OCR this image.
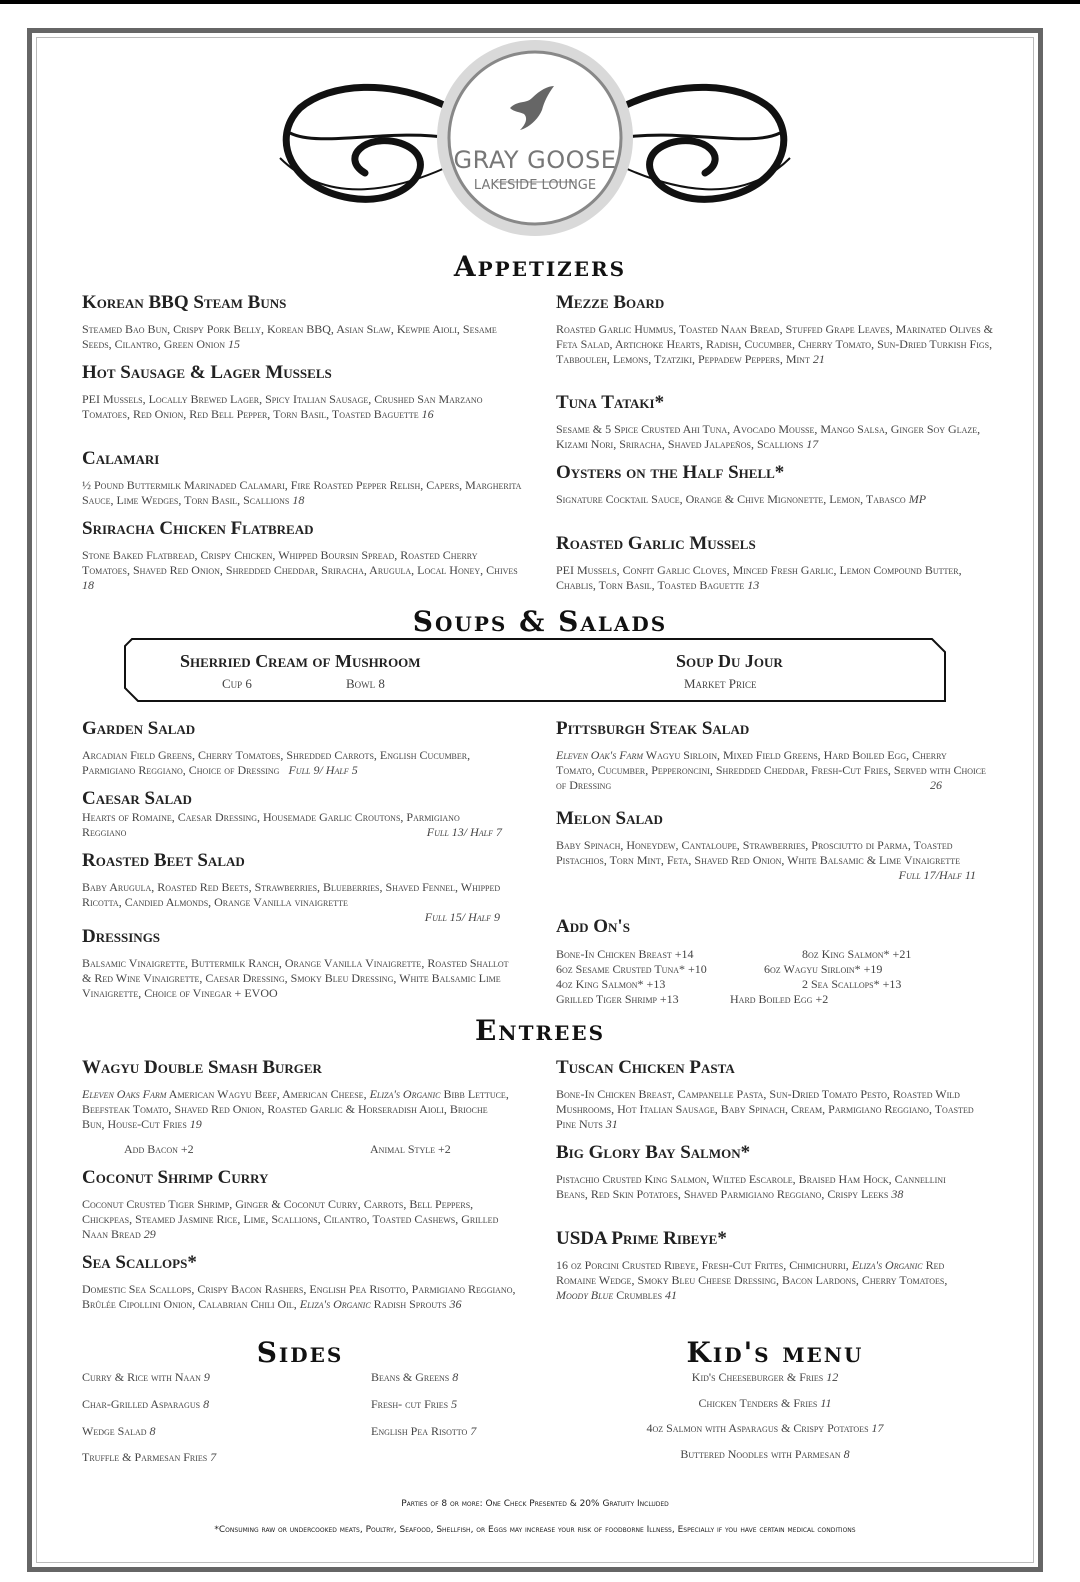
GRAY GOOSE
LAKESIDE LOUNGE
Appetizers
Korean BBQ Steam Buns
Steamed Bao Bun, Crispy Pork Belly, Korean BBQ, Asian Slaw, Kewpie Aioli, Sesame Seeds, Cilantro, Green Onion 15
Hot Sausage & Lager Mussels
PEI Mussels, Locally Brewed Lager, Spicy Italian Sausage, Crushed San Marzano Tomatoes, Red Onion, Red Bell Pepper, Torn Basil, Toasted Baguette 16
Calamari
½ Pound Buttermilk Marinaded Calamari, Fire Roasted Pepper Relish, Capers, Margherita Sauce, Lime Wedges, Torn Basil, Scallions 18
Sriracha Chicken Flatbread
Stone Baked Flatbread, Crispy Chicken, Whipped Boursin Spread, Roasted Cherry Tomatoes, Shaved Red Onion, Shredded Cheddar, Sriracha, Arugula, Local Honey, Chives 18
Mezze Board
Roasted Garlic Hummus, Toasted Naan Bread, Stuffed Grape Leaves, Marinated Olives & Feta Salad, Artichoke Hearts, Radish, Cucumber, Cherry Tomato, Sun-Dried Turkish Figs, Tabbouleh, Lemons, Tzatziki, Peppadew Peppers, Mint 21
Tuna Tataki*
Sesame & 5 Spice Crusted Ahi Tuna, Avocado Mousse, Mango Salsa, Ginger Soy Glaze, Kizami Nori, Sriracha, Shaved Jalapeños, Scallions 17
Oysters on the Half Shell*
Signature Cocktail Sauce, Orange & Chive Mignonette, Lemon, Tabasco MP
Roasted Garlic Mussels
PEI Mussels, Confit Garlic Cloves, Minced Fresh Garlic, Lemon Compound Butter, Chablis, Torn Basil, Toasted Baguette 13
Soups & Salads
Sherried Cream of Mushroom
Cup 6	Bowl 8
Soup Du Jour
Market Price
Garden Salad
Arcadian Field Greens, Cherry Tomatoes, Shredded Carrots, English Cucumber, Parmigiano Reggiano, Choice of Dressing Full 9/ Half 5
Caesar Salad
Hearts of Romaine, Caesar Dressing, Housemade Garlic Croutons, Parmigiano Reggiano	Full 13/ Half 7
Roasted Beet Salad
Baby Arugula, Roasted Red Beets, Strawberries, Blueberries, Shaved Fennel, Whipped Ricotta, Candied Almonds, Orange Vanilla vinaigrette

Full 15/ Half 9
Dressings
Balsamic Vinaigrette, Buttermilk Ranch, Orange Vanilla Vinaigrette, Roasted Shallot & Red Wine Vinaigrette, Caesar Dressing, Smoky Bleu Dressing, White Balsamic Lime Vinaigrette, Choice of Vinegar + EVOO
Pittsburgh Steak Salad
Eleven Oak's Farm Wagyu Sirloin, Mixed Field Greens, Hard Boiled Egg, Cherry Tomato, Cucumber, Pepperoncini, Shredded Cheddar, Fresh-Cut Fries, Served with Choice of Dressing	26
Melon Salad
Baby Spinach, Honeydew, Cantaloupe, Strawberries, Prosciutto di Parma, Toasted Pistachios, Torn Mint, Feta, Shaved Red Onion, White Balsamic & Lime Vinaigrette
Full 17/Half 11
Add On's
Bone-In Chicken Breast +14	8oz King Salmon* +21
6oz Sesame Crusted Tuna* +10	6oz Wagyu Sirloin* +19
4oz King Salmon* +13	2 Sea Scallops* +13
Grilled Tiger Shrimp +13	Hard Boiled Egg +2
Entrees
Wagyu Double Smash Burger
Eleven Oaks Farm American Wagyu Beef, American Cheese, Eliza's Organic Bibb Lettuce, Beefsteak Tomato, Shaved Red Onion, Roasted Garlic & Horseradish Aioli, Brioche Bun, House-Cut Fries 19
Add Bacon +2	Animal Style +2
Coconut Shrimp Curry
Coconut Crusted Tiger Shrimp, Ginger & Coconut Curry, Carrots, Bell Peppers, Chickpeas, Steamed Jasmine Rice, Lime, Scallions, Cilantro, Toasted Cashews, Grilled Naan Bread 29
Sea Scallops*
Domestic Sea Scallops, Crispy Bacon Rashers, English Pea Risotto, Parmigiano Reggiano, Brûlée Cipollini Onion, Calabrian Chili Oil, Eliza's Organic Radish Sprouts 36
Tuscan Chicken Pasta
Bone-In Chicken Breast, Campanelle Pasta, Sun-Dried Tomato Pesto, Roasted Wild Mushrooms, Hot Italian Sausage, Baby Spinach, Cream, Parmigiano Reggiano, Toasted Pine Nuts 31
Big Glory Bay Salmon*
Pistachio Crusted King Salmon, Wilted Escarole, Braised Ham Hock, Cannellini Beans, Red Skin Potatoes, Shaved Parmigiano Reggiano, Crispy Leeks 38
USDA Prime Ribeye*
16 oz Porcini Crusted Ribeye, Fresh-Cut Frites, Chimichurri, Eliza's Organic Red Romaine Wedge, Smoky Bleu Cheese Dressing, Bacon Lardons, Cherry Tomatoes, Moody Blue Crumbles 41
Sides
Curry & Rice with Naan 9
Char-Grilled Asparagus 8
Wedge Salad 8
Truffle & Parmesan Fries 7
Beans & Greens 8
Fresh- cut Fries 5
English Pea Risotto 7
Kid's menu
Kid's Cheeseburger & Fries 12
Chicken Tenders & Fries 11
4oz Salmon with Asparagus & Crispy Potatoes 17
Buttered Noodles with Parmesan 8
Parties of 8 or more: One Check Presented & 20% Gratuity Included
*Consuming raw or undercooked meats, Poultry, Seafood, Shellfish, or Eggs may increase your risk of foodborne Illness, Especially if you have certain medical conditions
